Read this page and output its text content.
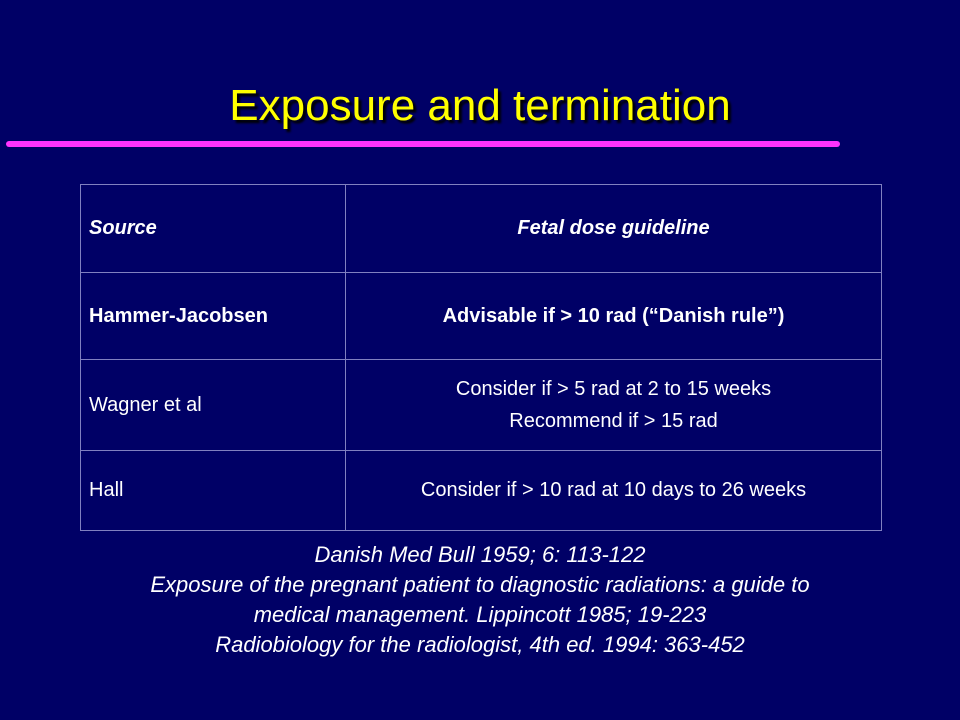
Exposure and termination
Source	Fetal dose guideline
Hammer-Jacobsen	Advisable if > 10 rad (“Danish rule”)
Wagner et al	Consider if > 5 rad at 2 to 15 weeks
Recommend if > 15 rad

Hall	Consider if > 10 rad at 10 days to 26 weeks
Danish Med Bull 1959; 6: 113-122
Exposure of the pregnant patient to diagnostic radiations: a guide to
medical management. Lippincott 1985; 19-223
Radiobiology for the radiologist, 4th ed. 1994: 363-452
